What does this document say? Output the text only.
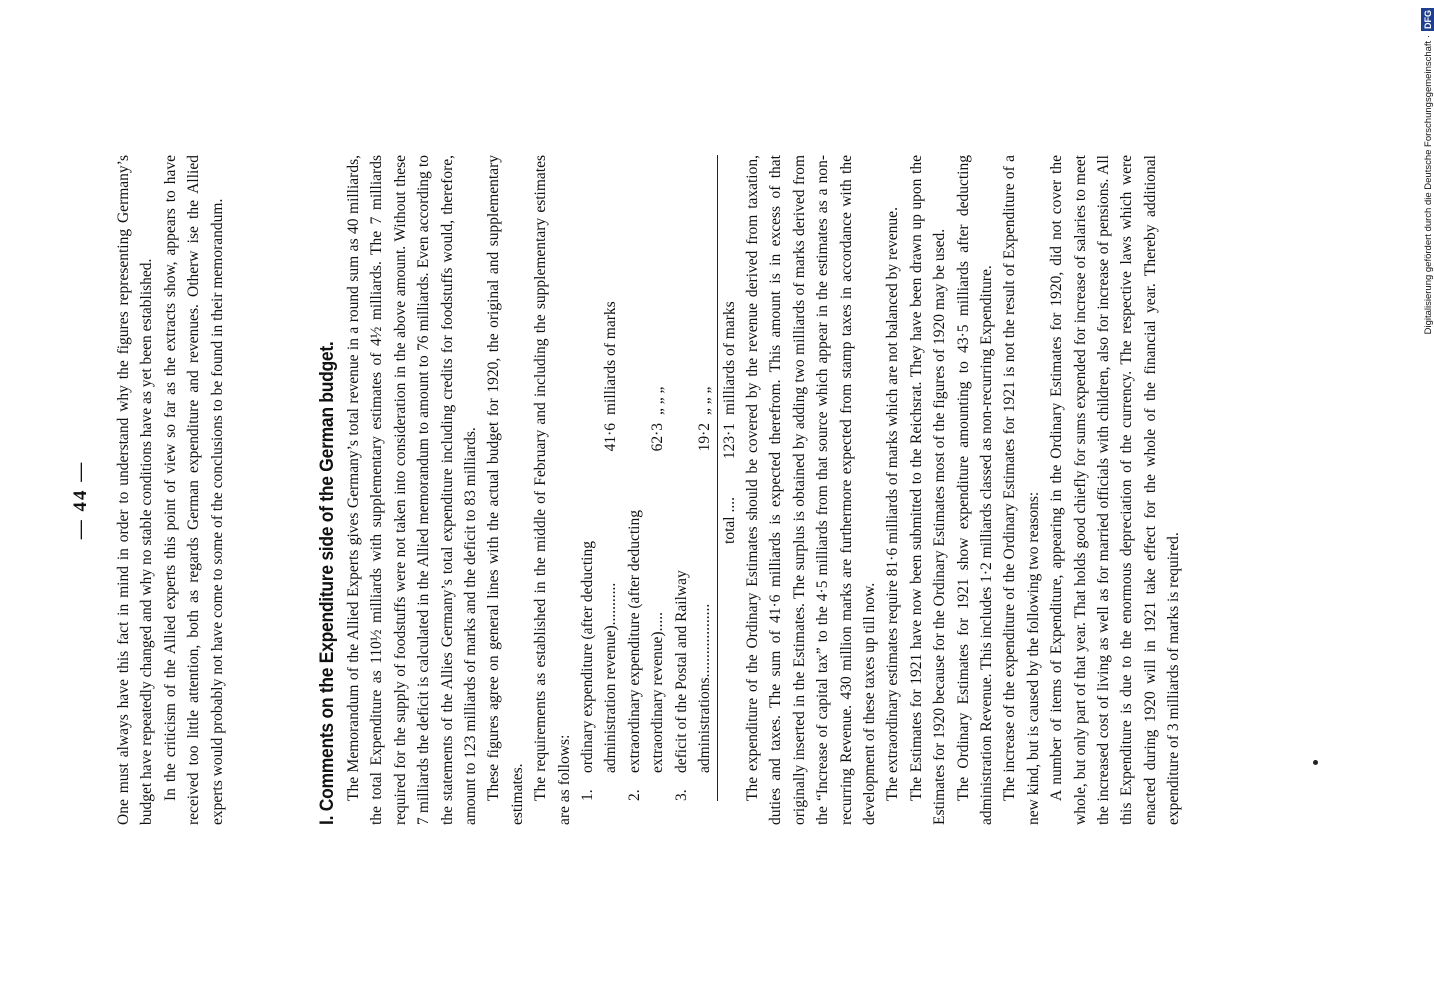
— 44 — One must always have this fact in mind in order to understand why the figures representing Germany’s budget have repeatedly changed and why no stable conditions have as yet been established. In the criticism of the Allied experts this point of view so far as the extracts show, appears to have received too little attention, both as regards German expenditure and revenues. Otherw ise the Allied experts would probably not have come to some of the conclusions to be found in their memorandum.	I. Comments on the Expenditure side of the German budget. The Memorandum of the Allied Experts gives Germany’s total revenue in a round sum as 40 milliards, the total Expenditure as 110½ milliards with supplementary estimates of 4½ milliards. The 7 milliards required for the supply of foodstuffs were not taken into consideration in the above amount. Without these 7 milliards the deficit is calculated in the Allied memorandum to amount to 76 milliards. Even according to the statements of the Allies Germany’s total expenditure including credits for foodstuffs would, therefore, amount to 123 milliards of marks and the deficit to 83 milliards. These figures agree on general lines with the actual budget for 1920, the original and supplementary estimates. The requirements as established in the middle of February and including the supplementary estimates are as follows: 1.	ordinary expenditure (after deducting administration revenue)...........	41·6	milliards of marks
2.	extraordinary expenditure (after deducting extraordinary revenue).....	62·3	„ „ „
3.	deficit of the Postal and Railway administrations...................	19·2	„ „ „
	total ....	123·1	milliards of marks The expenditure of the Ordinary Estimates should be covered by the revenue derived from taxation, duties and taxes. The sum of 41·6 milliards is expected therefrom. This amount is in excess of that originally inserted in the Estimates. The surplus is obtained by adding two milliards of marks derived from the “Increase of capital tax” to the 4·5 milliards from that source which appear in the estimates as a non-recurring Revenue. 430 million marks are furthermore expected from stamp taxes in accordance with the development of these taxes up till now. The extraordinary estimates require 81·6 milliards of marks which are not balanced by revenue. The Estimates for 1921 have now been submitted to the Reichsrat. They have been drawn up upon the Estimates for 1920 because for the Ordinary Estimates most of the figures of 1920 may be used. The Ordinary Estimates for 1921 show expenditure amounting to 43·5 milliards after deducting administration Revenue. This includes 1·2 milliards classed as non-recurring Expenditure. The increase of the expenditure of the Ordinary Estimates for 1921 is not the result of Expenditure of a new kind, but is caused by the following two reasons: A number of items of Expenditure, appearing in the Ordinary Estimates for 1920, did not cover the whole, but only part of that year. That holds good chiefly for sums expended for increase of salaries to meet the increased cost of living as well as for married officials with children, also for increase of pensions. All this Expenditure is due to the enormous depreciation of the currency. The respective laws which were enacted during 1920 will in 1921 take effect for the whole of the financial year. Thereby additional expenditure of 3 milliards of marks is required.

Digitalisierung gefördert durch die Deutsche Forschungsgemeinschaft ·
DFG
